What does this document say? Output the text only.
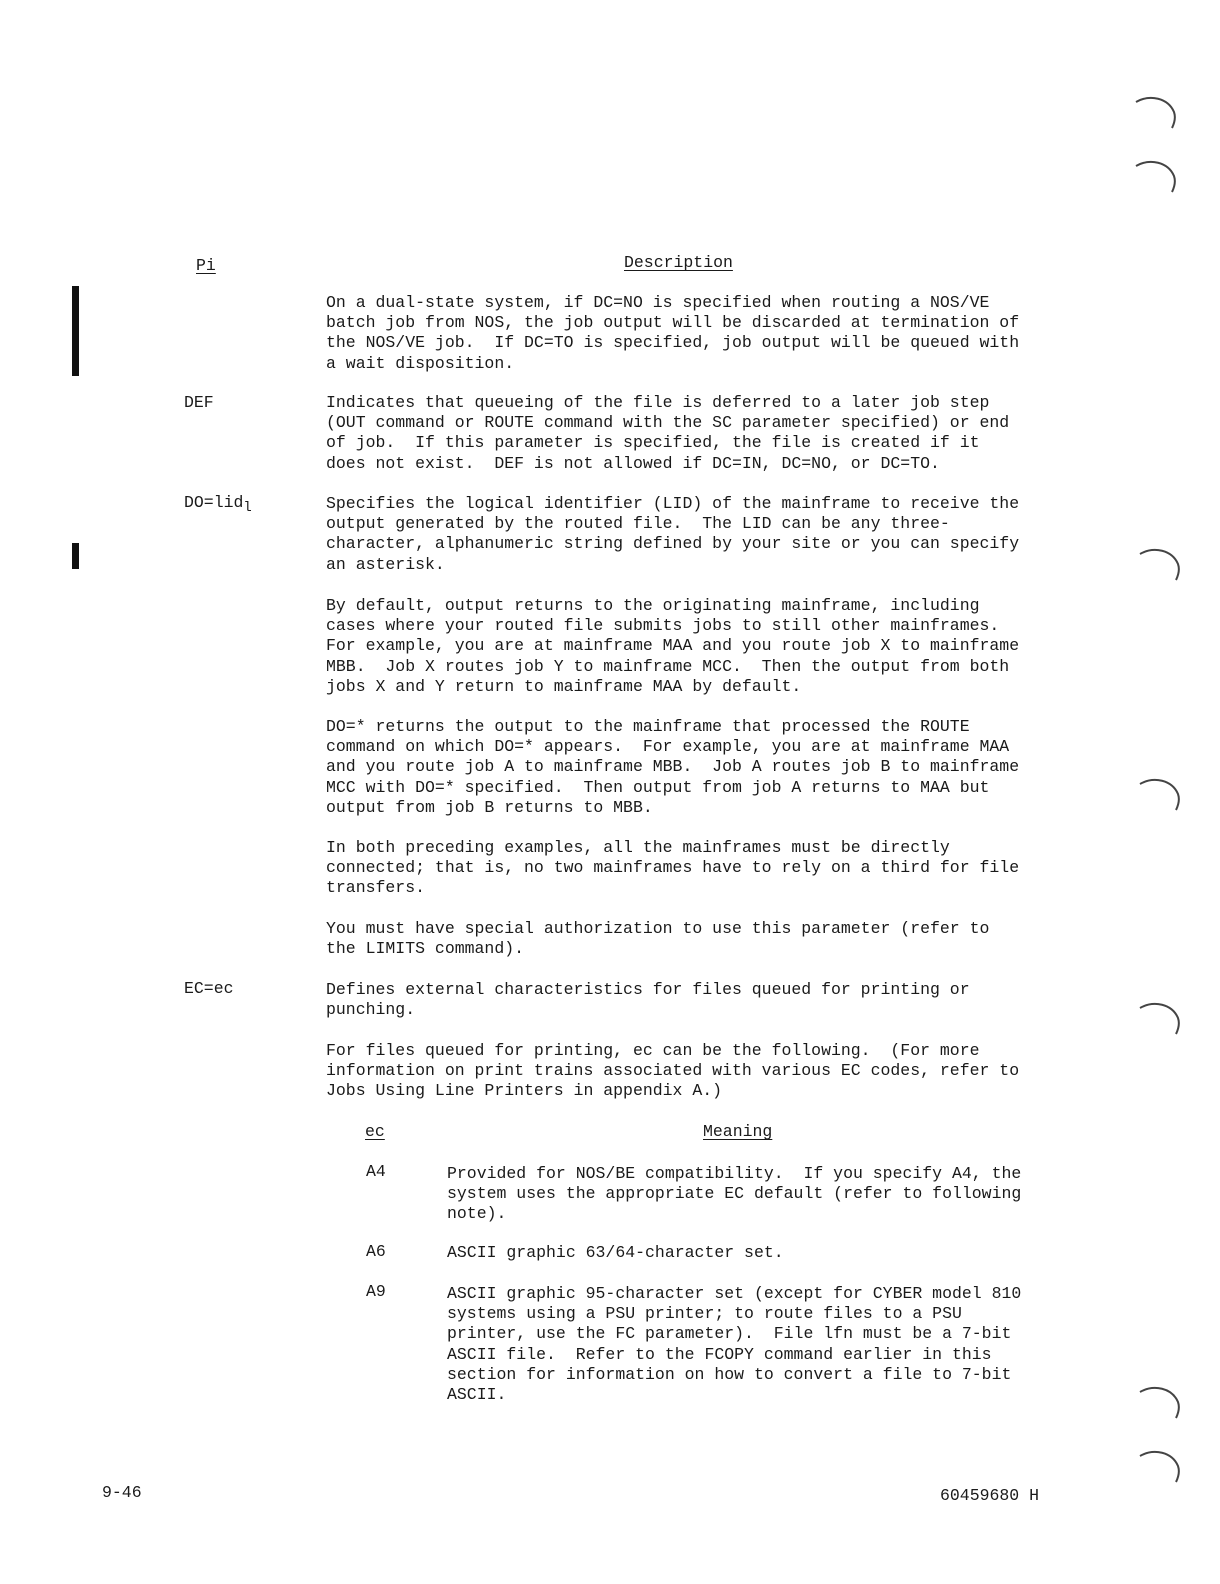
Pi	Description
On a dual-state system, if DC=NO is specified when routing a NOS/VE
batch job from NOS, the job output will be discarded at termination of
the NOS/VE job.  If DC=TO is specified, job output will be queued with
a wait disposition.
DEF	Indicates that queueing of the file is deferred to a later job step
(OUT command or ROUTE command with the SC parameter specified) or end
of job.  If this parameter is specified, the file is created if it
does not exist.  DEF is not allowed if DC=IN, DC=NO, or DC=TO.
DO=lid$_l$	Specifies the logical identifier (LID) of the mainframe to receive the
output generated by the routed file.  The LID can be any three-
character, alphanumeric string defined by your site or you can specify
an asterisk.
By default, output returns to the originating mainframe, including
cases where your routed file submits jobs to still other mainframes.
For example, you are at mainframe MAA and you route job X to mainframe
MBB.  Job X routes job Y to mainframe MCC.  Then the output from both
jobs X and Y return to mainframe MAA by default.
DO=* returns the output to the mainframe that processed the ROUTE
command on which DO=* appears.  For example, you are at mainframe MAA
and you route job A to mainframe MBB.  Job A routes job B to mainframe
MCC with DO=* specified.  Then output from job A returns to MAA but
output from job B returns to MBB.
In both preceding examples, all the mainframes must be directly
connected; that is, no two mainframes have to rely on a third for file
transfers.
You must have special authorization to use this parameter (refer to
the LIMITS command).
EC=ec	Defines external characteristics for files queued for printing or
punching.
For files queued for printing, ec can be the following.  (For more
information on print trains associated with various EC codes, refer to
Jobs Using Line Printers in appendix A.)
ec	Meaning
A4	Provided for NOS/BE compatibility.  If you specify A4, the
system uses the appropriate EC default (refer to following
note).
A6	ASCII graphic 63/64-character set.
A9	ASCII graphic 95-character set (except for CYBER model 810
systems using a PSU printer; to route files to a PSU
printer, use the FC parameter).  File lfn must be a 7-bit
ASCII file.  Refer to the FCOPY command earlier in this
section for information on how to convert a file to 7-bit
ASCII.
9-46	60459680 H
